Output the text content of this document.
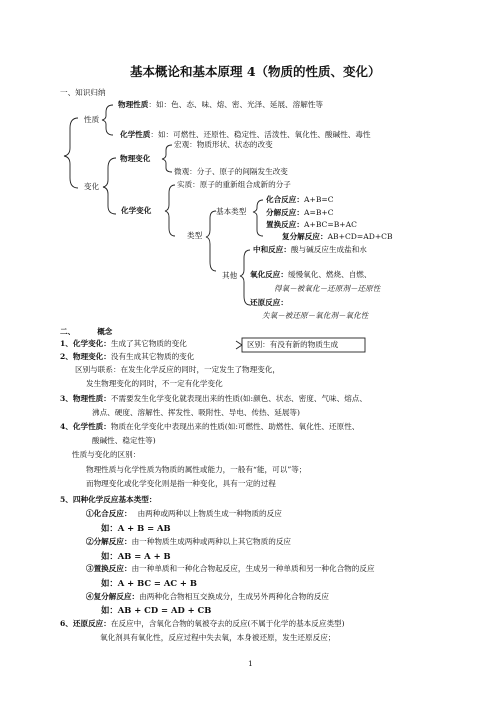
基本概论和基本原理 4（物质的性质、变化）
一、知识归纳
性质
变化
物理性质：如：色、态、味、熔、密、光泽、延展、溶解性等
化学性质：如：可燃性、还原性、稳定性、活泼性、氧化性、酸碱性、毒性
物理变化
宏观：物质形状、状态的改变
微观：分子、原子的间隔发生改变
化学变化
实质：原子的重新组合成新的分子
类型
基本类型
化合反应：A+B=C
分解反应：A=B+C
置换反应：A+BC=B+AC
复分解反应：AB+CD=AD+CB
中和反应：酸与碱反应生成盐和水
其他 氧化反应：缓慢氧化、燃烧、自燃、
得氧－被氧化－还原剂－还原性
还原反应：
失氧－被还原－氧化剂－氧化性
二、	概念
1、化学变化：生成了其它物质的变化
2、物理变化：没有生成其它物质的变化
区别：有没有新的物质生成
区别与联系：在发生化学反应的同时，一定发生了物理变化，
发生物理变化的同时，不一定有化学变化
3、物理性质：不需要发生化学变化就表现出来的性质(如:颜色、状态、密度、气味、熔点、
沸点、硬度、溶解性、挥发性、吸附性、导电、传热、延展等)
4、化学性质：物质在化学变化中表现出来的性质(如:可燃性、助燃性、氧化性、还原性、
酸碱性、稳定性等)
性质与变化的区别：
物理性质与化学性质为物质的属性或能力，一般有“能，可以”等；
而物理变化或化学变化则是指一种变化，具有一定的过程
5、四种化学反应基本类型：
①化合反应： 由两种或两种以上物质生成一种物质的反应
如：A + B = AB
②分解反应：由一种物质生成两种或两种以上其它物质的反应
如：AB = A + B
③置换反应：由一种单质和一种化合物起反应，生成另一种单质和另一种化合物的反应
如：A + BC = AC + B
④复分解反应：由两种化合物相互交换成分，生成另外两种化合物的反应
如：AB + CD = AD + CB
6、还原反应：在反应中，含氧化合物的氧被夺去的反应(不属于化学的基本反应类型)
氧化剂具有氧化性，反应过程中失去氧，本身被还原，发生还原反应；
1
